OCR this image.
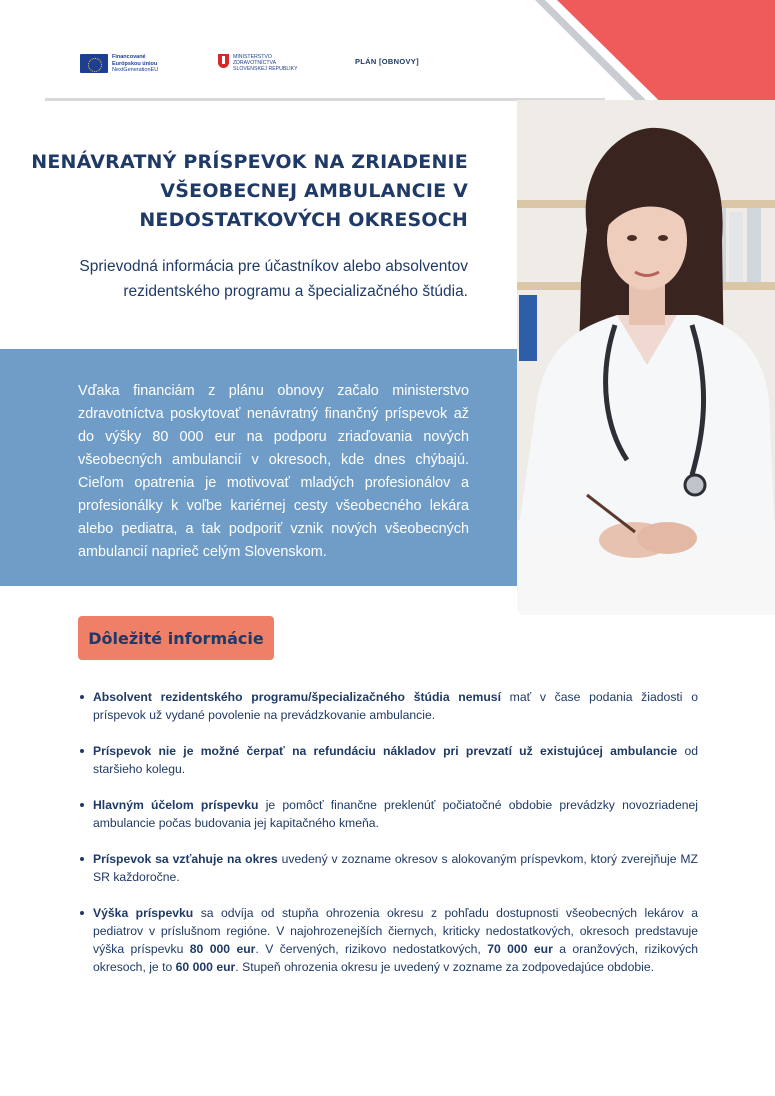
Financované
Európskou úniou
NextGenerationEU
MINISTERSTVO
ZDRAVOTNÍCTVA
SLOVENSKEJ REPUBLIKY
PLÁN [OBNOVY]
NENÁVRATNÝ PRÍSPEVOK NA ZRIADENIE
VŠEOBECNEJ AMBULANCIE V
NEDOSTATKOVÝCH OKRESOCH
Sprievodná informácia pre účastníkov alebo absolventov
rezidentského programu a špecializačného štúdia.

Vďaka financiám z plánu obnovy začalo ministerstvo zdravotníctva poskytovať nenávratný finančný príspevok až do výšky 80 000 eur na podporu zriaďovania nových všeobecných ambulancií v okresoch, kde dnes chýbajú. Cieľom opatrenia je motivovať mladých profesionálov a profesionálky k voľbe kariérnej cesty všeobecného lekára alebo pediatra, a tak podporiť vznik nových všeobecných ambulancií naprieč celým Slovenskom.

Dôležité informácie
Absolvent rezidentského programu/špecializačného štúdia nemusí mať v čase podania žiadosti o príspevok už vydané povolenie na prevádzkovanie ambulancie.
Príspevok nie je možné čerpať na refundáciu nákladov pri prevzatí už existujúcej ambulancie od staršieho kolegu.
Hlavným účelom príspevku je pomôcť finančne preklenúť počiatočné obdobie prevádzky novozriadenej ambulancie počas budovania jej kapitačného kmeňa.
Príspevok sa vzťahuje na okres uvedený v zozname okresov s alokovaným príspevkom, ktorý zverejňuje MZ SR každoročne.
Výška príspevku sa odvíja od stupňa ohrozenia okresu z pohľadu dostupnosti všeobecných lekárov a pediatrov v príslušnom regióne. V najohrozenejších čiernych, kriticky nedostatkových, okresoch predstavuje výška príspevku 80 000 eur. V červených, rizikovo nedostatkových, 70 000 eur a oranžových, rizikových okresoch, je to 60 000 eur. Stupeň ohrozenia okresu je uvedený v zozname za zodpovedajúce obdobie.
